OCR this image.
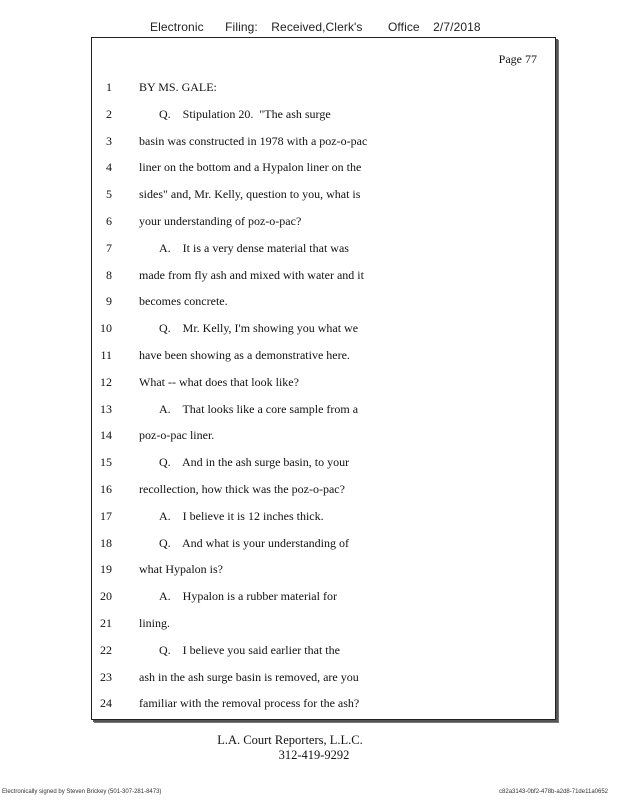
Electronic Filing: Received,Clerk's Office 2/7/2018
Page 77
1 BY MS. GALE:
2	Q.    Stipulation 20.  "The ash surge
3 basin was constructed in 1978 with a poz-o-pac
4 liner on the bottom and a Hypalon liner on the
5 sides" and, Mr. Kelly, question to you, what is
6 your understanding of poz-o-pac?
7	A.    It is a very dense material that was
8 made from fly ash and mixed with water and it
9 becomes concrete.
10	Q.    Mr. Kelly, I'm showing you what we
11 have been showing as a demonstrative here.
12 What -- what does that look like?
13	A.    That looks like a core sample from a
14 poz-o-pac liner.
15	Q.    And in the ash surge basin, to your
16 recollection, how thick was the poz-o-pac?
17	A.    I believe it is 12 inches thick.
18	Q.    And what is your understanding of
19 what Hypalon is?
20	A.    Hypalon is a rubber material for
21 lining.
22	Q.    I believe you said earlier that the
23 ash in the ash surge basin is removed, are you
24 familiar with the removal process for the ash?
L.A. Court Reporters, L.L.C.
312-419-9292
Electronically signed by Steven Brickey (501-307-281-8473)	c82a3143-0bf2-478b-a2d8-71de11a0652
